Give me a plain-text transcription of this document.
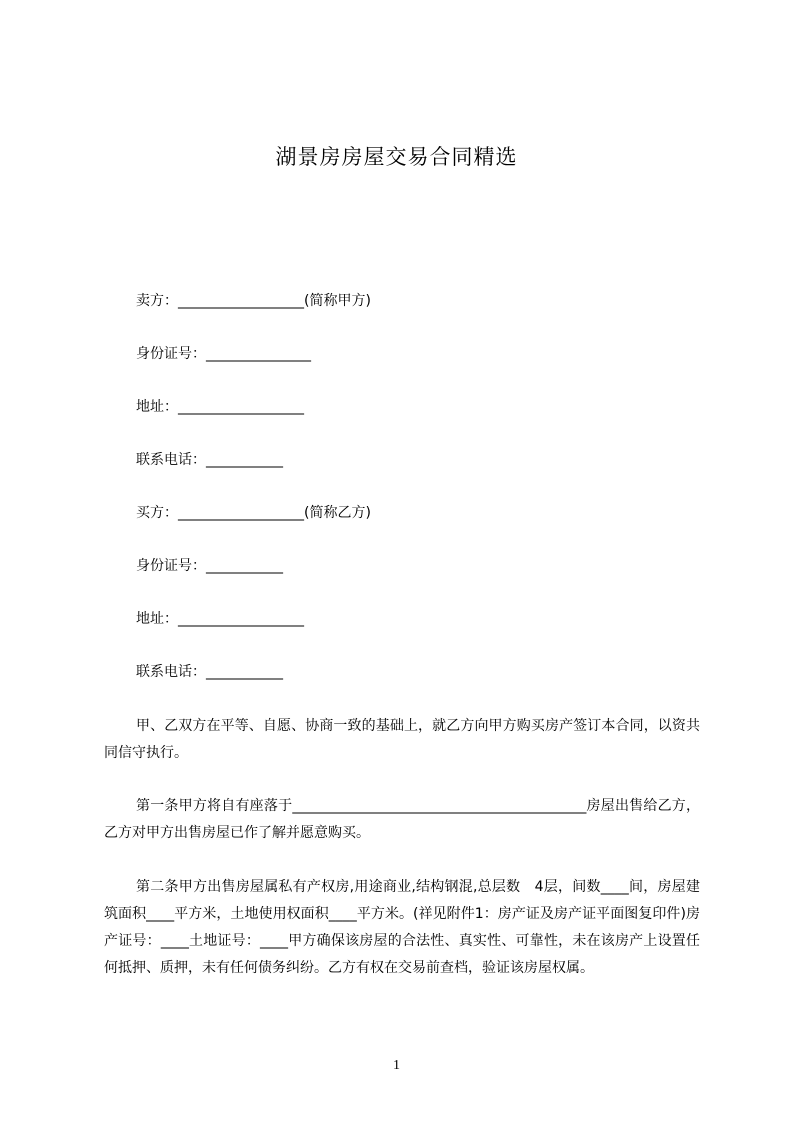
湖景房房屋交易合同精选
卖方：__________________(简称甲方)
身份证号：_______________
地址：__________________
联系电话：___________
买方：__________________(简称乙方)
身份证号：___________
地址：__________________
联系电话：___________

甲、乙双方在平等、自愿、协商一致的基础上，就乙方向甲方购买房产签订本合同，以资共同信守执行。

第一条甲方将自有座落于__________________________________________房屋出售给乙方，乙方对甲方出售房屋已作了解并愿意购买。

第二条甲方出售房屋属私有产权房,用途商业,结构钢混,总层数　4层，间数____间，房屋建筑面积____平方米，土地使用权面积____平方米。(祥见附件1：房产证及房产证平面图复印件)房产证号：____土地证号：____甲方确保该房屋的合法性、真实性、可靠性，未在该房产上设置任何抵押、质押，未有任何债务纠纷。乙方有权在交易前查档，验证该房屋权属。

1
